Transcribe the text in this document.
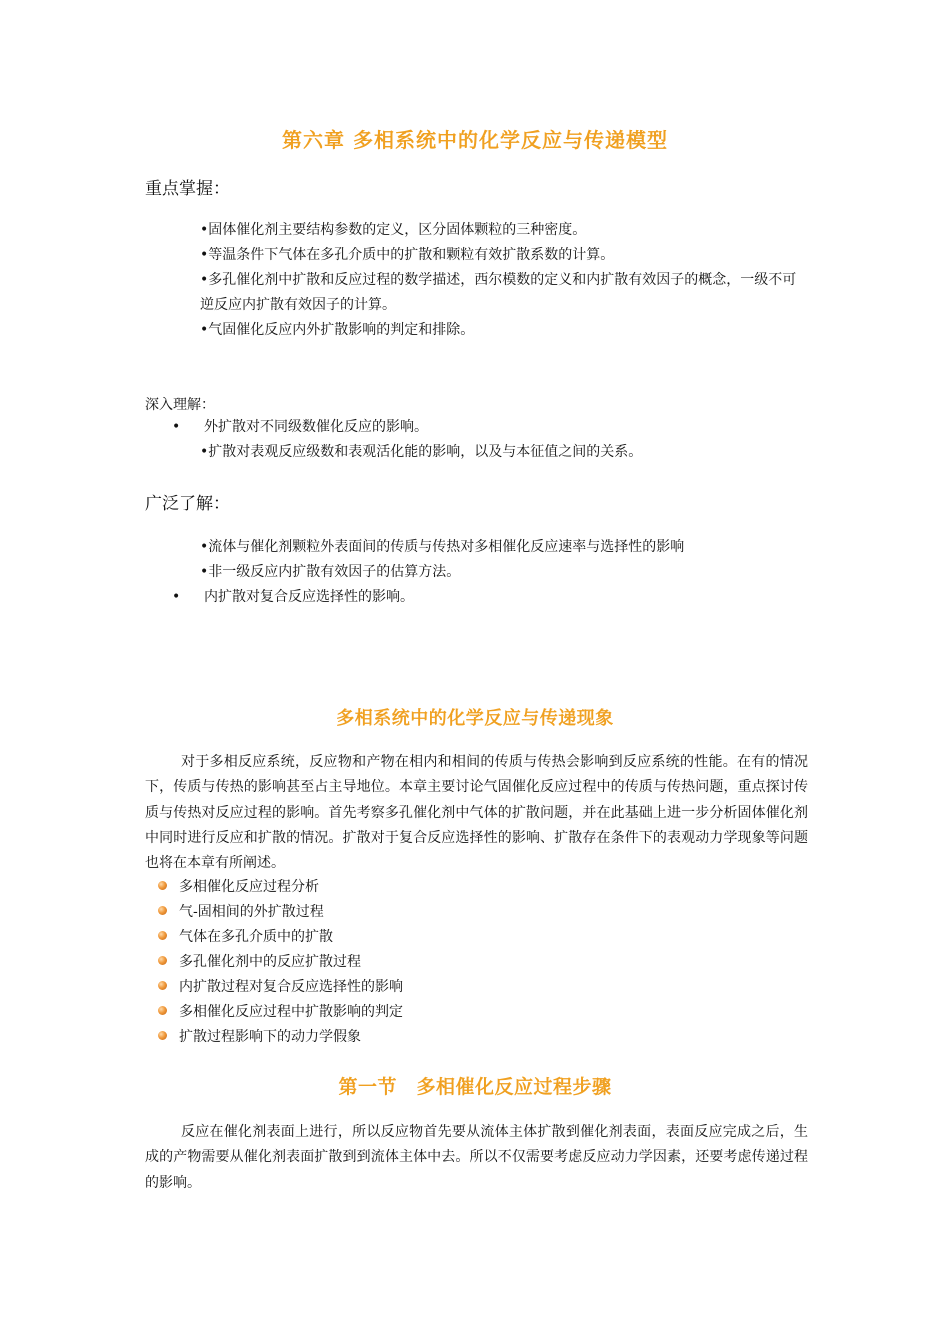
第六章 多相系统中的化学反应与传递模型
重点掌握：
•固体催化剂主要结构参数的定义，区分固体颗粒的三种密度。
•等温条件下气体在多孔介质中的扩散和颗粒有效扩散系数的计算。
•多孔催化剂中扩散和反应过程的数学描述，西尔模数的定义和内扩散有效因子的概念，一级不可逆反应内扩散有效因子的计算。
•气固催化反应内外扩散影响的判定和排除。
深入理解：
• 外扩散对不同级数催化反应的影响。
•扩散对表观反应级数和表观活化能的影响，以及与本征值之间的关系。
广泛了解：
•流体与催化剂颗粒外表面间的传质与传热对多相催化反应速率与选择性的影响
•非一级反应内扩散有效因子的估算方法。
• 内扩散对复合反应选择性的影响。
多相系统中的化学反应与传递现象

对于多相反应系统，反应物和产物在相内和相间的传质与传热会影响到反应系统的性能。在有的情况下，传质与传热的影响甚至占主导地位。本章主要讨论气固催化反应过程中的传质与传热问题，重点探讨传质与传热对反应过程的影响。首先考察多孔催化剂中气体的扩散问题，并在此基础上进一步分析固体催化剂中同时进行反应和扩散的情况。扩散对于复合反应选择性的影响、扩散存在条件下的表观动力学现象等问题也将在本章有所阐述。

多相催化反应过程分析
气-固相间的外扩散过程
气体在多孔介质中的扩散
多孔催化剂中的反应扩散过程
内扩散过程对复合反应选择性的影响
多相催化反应过程中扩散影响的判定
扩散过程影响下的动力学假象
第一节　多相催化反应过程步骤

反应在催化剂表面上进行，所以反应物首先要从流体主体扩散到催化剂表面，表面反应完成之后，生成的产物需要从催化剂表面扩散到到流体主体中去。所以不仅需要考虑反应动力学因素，还要考虑传递过程的影响。
